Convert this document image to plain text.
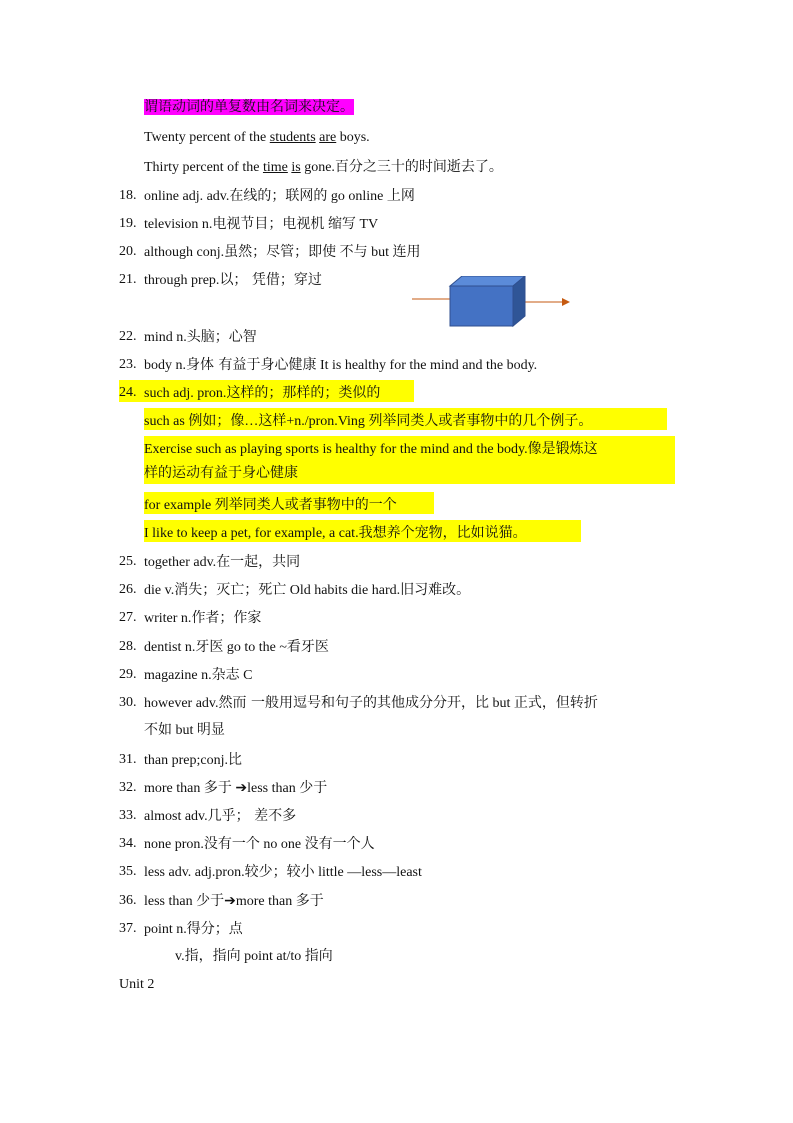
谓语动词的单复数由名词来决定。
Twenty percent of the students are boys.
Thirty percent of the time is gone.百分之三十的时间逝去了。
18. online adj. adv.在线的；联网的 go online 上网
19. television n.电视节目；电视机 缩写 TV
20. although conj.虽然；尽管；即使 不与 but 连用
21. through prep.以； 凭借；穿过
22. mind n.头脑；心智
23. body n.身体 有益于身心健康 It is healthy for the mind and the body.
24. such adj. pron.这样的；那样的；类似的
such as 例如；像…这样+n./pron.Ving 列举同类人或者事物中的几个例子。
Exercise such as playing sports is healthy for the mind and the body.像是锻炼这
样的运动有益于身心健康
for example 列举同类人或者事物中的一个
I like to keep a pet, for example, a cat.我想养个宠物，比如说猫。
25. together adv.在一起，共同
26. die v.消失；灭亡；死亡 Old habits die hard.旧习难改。
27. writer n.作者；作家
28. dentist n.牙医 go to the ~看牙医
29. magazine n.杂志 C
30. however adv.然而 一般用逗号和句子的其他成分分开，比 but 正式，但转折
不如 but 明显
31. than prep;conj.比
32. more than 多于 ➔less than 少于
33. almost adv.几乎； 差不多
34. none pron.没有一个 no one 没有一个人
35. less adv. adj.pron.较少；较小 little —less—least
36. less than 少于➔more than 多于
37. point n.得分；点
v.指，指向 point at/to 指向
Unit 2
